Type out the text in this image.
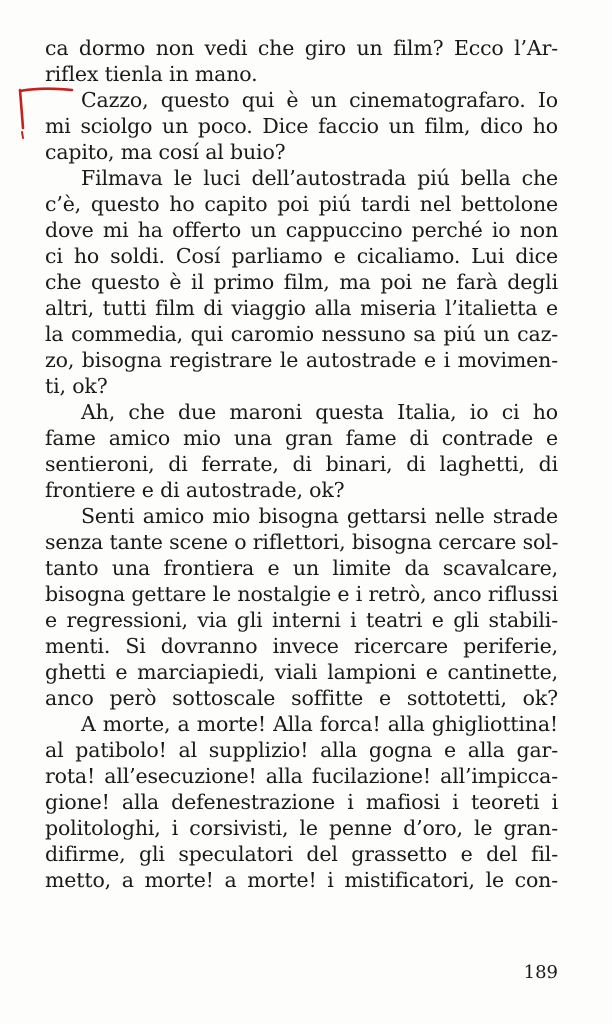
ca dormo non vedi che giro un film? Ecco l’Ar-
riflex tienla in mano.
Cazzo, questo qui è un cinematografaro. Io
mi sciolgo un poco. Dice faccio un film, dico ho
capito, ma cosí al buio?
Filmava le luci dell’autostrada piú bella che
c’è, questo ho capito poi piú tardi nel bettolone
dove mi ha offerto un cappuccino perché io non
ci ho soldi. Cosí parliamo e cicaliamo. Lui dice
che questo è il primo film, ma poi ne farà degli
altri, tutti film di viaggio alla miseria l’italietta e
la commedia, qui caromio nessuno sa piú un caz-
zo, bisogna registrare le autostrade e i movimen-
ti, ok?
Ah, che due maroni questa Italia, io ci ho
fame amico mio una gran fame di contrade e
sentieroni, di ferrate, di binari, di laghetti, di
frontiere e di autostrade, ok?
Senti amico mio bisogna gettarsi nelle strade
senza tante scene o riflettori, bisogna cercare sol-
tanto una frontiera e un limite da scavalcare,
bisogna gettare le nostalgie e i retrò, anco riflussi
e regressioni, via gli interni i teatri e gli stabili-
menti. Si dovranno invece ricercare periferie,
ghetti e marciapiedi, viali lampioni e cantinette,
anco però sottoscale soffitte e sottotetti, ok?
A morte, a morte! Alla forca! alla ghigliottina!
al patibolo! al supplizio! alla gogna e alla gar-
rota! all’esecuzione! alla fucilazione! all’impicca-
gione! alla defenestrazione i mafiosi i teoreti i
politologhi, i corsivisti, le penne d’oro, le gran-
difirme, gli speculatori del grassetto e del fil-
metto, a morte! a morte! i mistificatori, le con-
189
